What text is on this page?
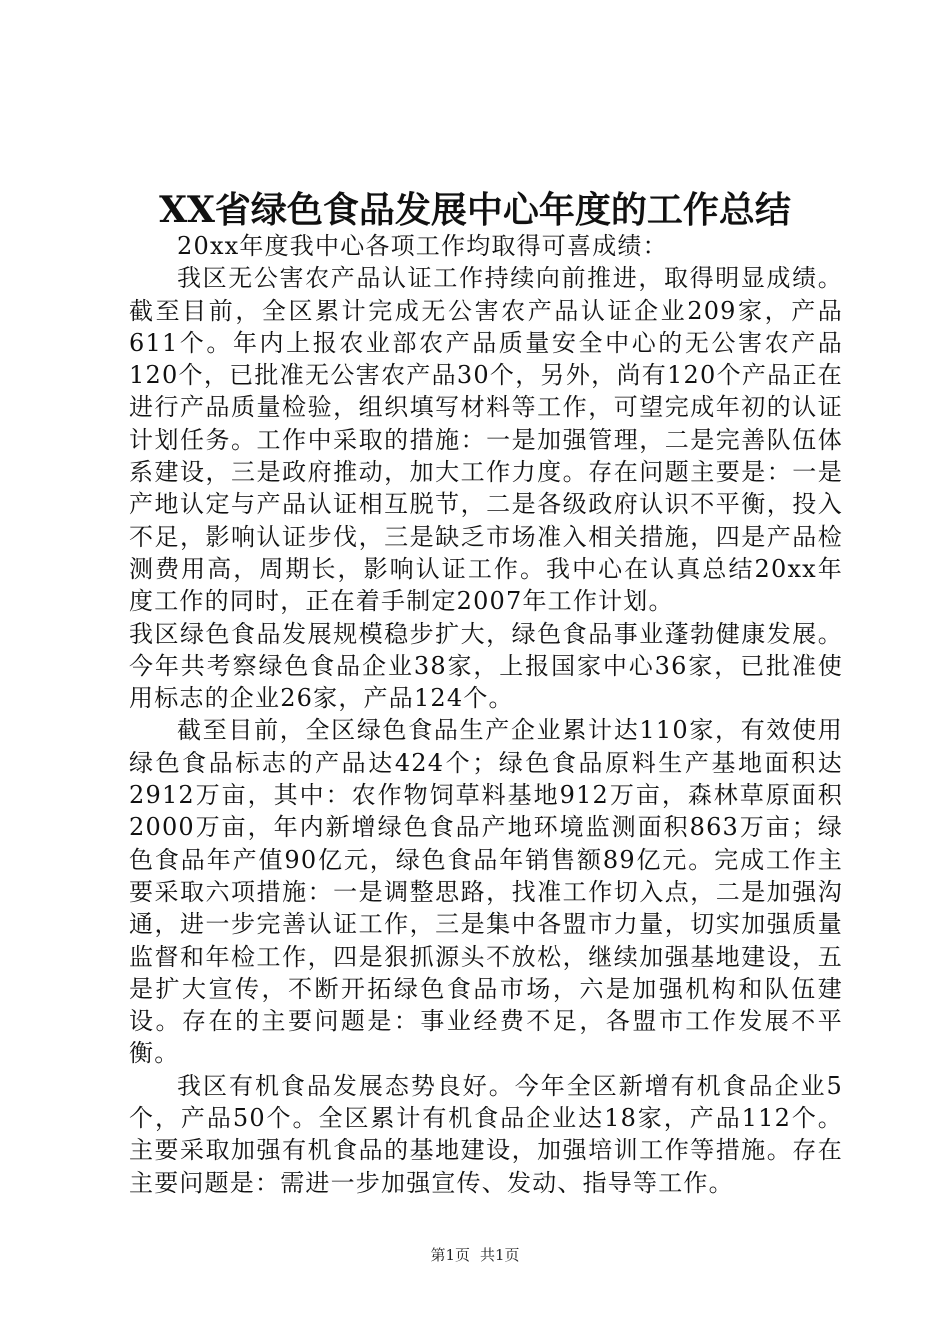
XX省绿色食品发展中心年度的工作总结

20xx年度我中心各项工作均取得可喜成绩：

我区无公害农产品认证工作持续向前推进，取得明显成绩。截至目前，全区累计完成无公害农产品认证企业209家，产品611个。年内上报农业部农产品质量安全中心的无公害农产品120个，已批准无公害农产品30个，另外，尚有120个产品正在进行产品质量检验，组织填写材料等工作，可望完成年初的认证计划任务。工作中采取的措施：一是加强管理，二是完善队伍体系建设，三是政府推动，加大工作力度。存在问题主要是：一是产地认定与产品认证相互脱节，二是各级政府认识不平衡，投入不足，影响认证步伐，三是缺乏市场准入相关措施，四是产品检测费用高，周期长，影响认证工作。我中心在认真总结20xx年度工作的同时，正在着手制定2007年工作计划。

我区绿色食品发展规模稳步扩大，绿色食品事业蓬勃健康发展。今年共考察绿色食品企业38家，上报国家中心36家，已批准使用标志的企业26家，产品124个。

截至目前，全区绿色食品生产企业累计达110家，有效使用绿色食品标志的产品达424个；绿色食品原料生产基地面积达2912万亩，其中：农作物饲草料基地912万亩，森林草原面积2000万亩，年内新增绿色食品产地环境监测面积863万亩；绿色食品年产值90亿元，绿色食品年销售额89亿元。完成工作主要采取六项措施：一是调整思路，找准工作切入点，二是加强沟通，进一步完善认证工作，三是集中各盟市力量，切实加强质量监督和年检工作，四是狠抓源头不放松，继续加强基地建设，五是扩大宣传，不断开拓绿色食品市场，六是加强机构和队伍建设。存在的主要问题是：事业经费不足，各盟市工作发展不平衡。

我区有机食品发展态势良好。今年全区新增有机食品企业5个，产品50个。全区累计有机食品企业达18家，产品112个。主要采取加强有机食品的基地建设，加强培训工作等措施。存在主要问题是：需进一步加强宣传、发动、指导等工作。

第1页 共1页
